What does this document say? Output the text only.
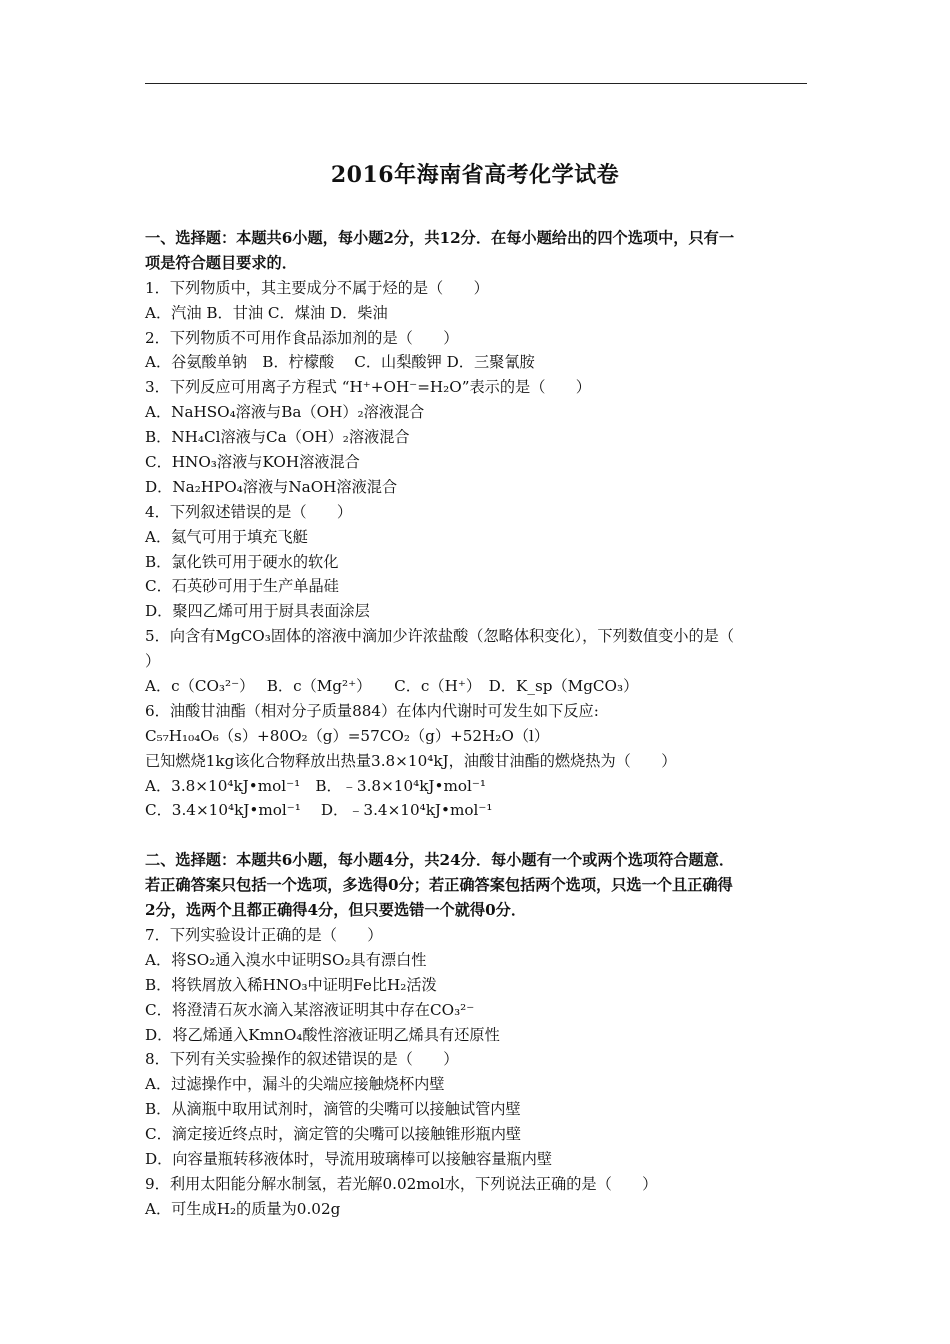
2016年海南省高考化学试卷
一、选择题：本题共6小题，每小题2分，共12分．在每小题给出的四个选项中，只有一
项是符合题目要求的．
1．下列物质中，其主要成分不属于烃的是（　　）
A．汽油 B．甘油 C．煤油 D．柴油
2．下列物质不可用作食品添加剂的是（　　）
A．谷氨酸单钠　B．柠檬酸　 C．山梨酸钾 D．三聚氰胺
3．下列反应可用离子方程式 “H⁺+OH⁻=H₂O”表示的是（　　）
A．NaHSO₄溶液与Ba（OH）₂溶液混合
B．NH₄Cl溶液与Ca（OH）₂溶液混合
C．HNO₃溶液与KOH溶液混合
D．Na₂HPO₄溶液与NaOH溶液混合
4．下列叙述错误的是（　　）
A．氦气可用于填充飞艇
B．氯化铁可用于硬水的软化
C．石英砂可用于生产单晶硅
D．聚四乙烯可用于厨具表面涂层
5．向含有MgCO₃固体的溶液中滴加少许浓盐酸（忽略体积变化），下列数值变小的是（
）
A．c（CO₃²⁻）　 B．c（Mg²⁺）　　C．c（H⁺）　D．K_sp（MgCO₃）
6．油酸甘油酯（相对分子质量884）在体内代谢时可发生如下反应:
C₅₇H₁₀₄O₆（s）+80O₂（g）=57CO₂（g）+52H₂O（l）
已知燃烧1kg该化合物释放出热量3.8×10⁴kJ，油酸甘油酯的燃烧热为（　　）
A．3.8×10⁴kJ•mol⁻¹　B．﹣3.8×10⁴kJ•mol⁻¹
C．3.4×10⁴kJ•mol⁻¹　 D．﹣3.4×10⁴kJ•mol⁻¹
二、选择题：本题共6小题，每小题4分，共24分．每小题有一个或两个选项符合题意．
若正确答案只包括一个选项，多选得0分；若正确答案包括两个选项，只选一个且正确得
2分，选两个且都正确得4分，但只要选错一个就得0分．
7．下列实验设计正确的是（　　）
A．将SO₂通入溴水中证明SO₂具有漂白性
B．将铁屑放入稀HNO₃中证明Fe比H₂活泼
C．将澄清石灰水滴入某溶液证明其中存在CO₃²⁻
D．将乙烯通入KmnO₄酸性溶液证明乙烯具有还原性
8．下列有关实验操作的叙述错误的是（　　）
A．过滤操作中，漏斗的尖端应接触烧杯内壁
B．从滴瓶中取用试剂时，滴管的尖嘴可以接触试管内壁
C．滴定接近终点时，滴定管的尖嘴可以接触锥形瓶内壁
D．向容量瓶转移液体时，导流用玻璃棒可以接触容量瓶内壁
9．利用太阳能分解水制氢，若光解0.02mol水，下列说法正确的是（　　）
A．可生成H₂的质量为0.02g
